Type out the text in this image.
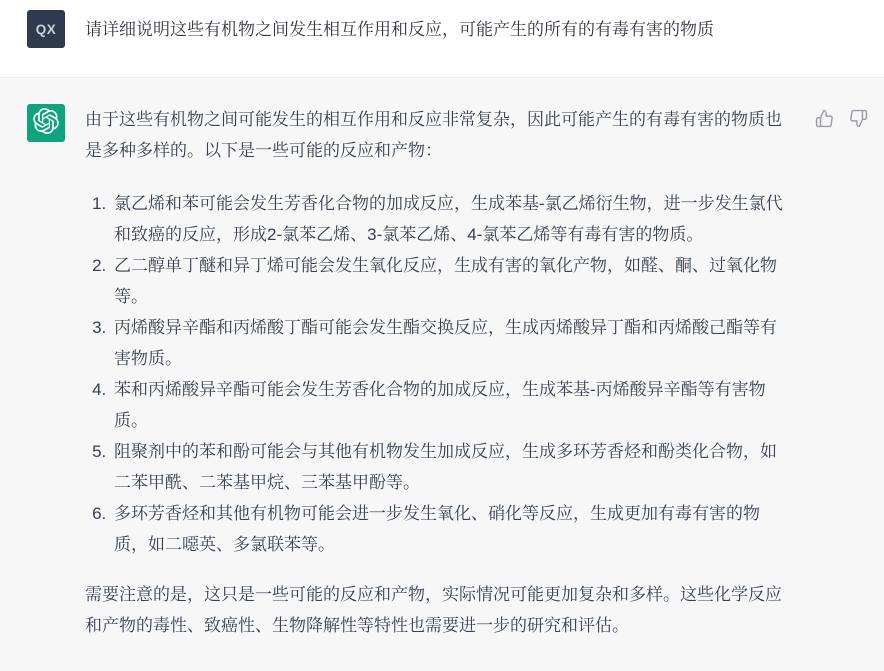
QX	请详细说明这些有机物之间发生相互作用和反应，可能产生的所有的有毒有害的物质

由于这些有机物之间可能发生的相互作用和反应非常复杂，因此可能产生的有毒有害的物质也是多种多样的。以下是一些可能的反应和产物：

1. 氯乙烯和苯可能会发生芳香化合物的加成反应，生成苯基-氯乙烯衍生物，进一步发生氯代和致癌的反应，形成2-氯苯乙烯、3-氯苯乙烯、4-氯苯乙烯等有毒有害的物质。
2. 乙二醇单丁醚和异丁烯可能会发生氧化反应，生成有害的氧化产物，如醛、酮、过氧化物等。
3. 丙烯酸异辛酯和丙烯酸丁酯可能会发生酯交换反应，生成丙烯酸异丁酯和丙烯酸己酯等有害物质。
4. 苯和丙烯酸异辛酯可能会发生芳香化合物的加成反应，生成苯基-丙烯酸异辛酯等有害物质。
5. 阻聚剂中的苯和酚可能会与其他有机物发生加成反应，生成多环芳香烃和酚类化合物，如二苯甲酰、二苯基甲烷、三苯基甲酚等。
6. 多环芳香烃和其他有机物可能会进一步发生氧化、硝化等反应，生成更加有毒有害的物质，如二噁英、多氯联苯等。

需要注意的是，这只是一些可能的反应和产物，实际情况可能更加复杂和多样。这些化学反应和产物的毒性、致癌性、生物降解性等特性也需要进一步的研究和评估。
